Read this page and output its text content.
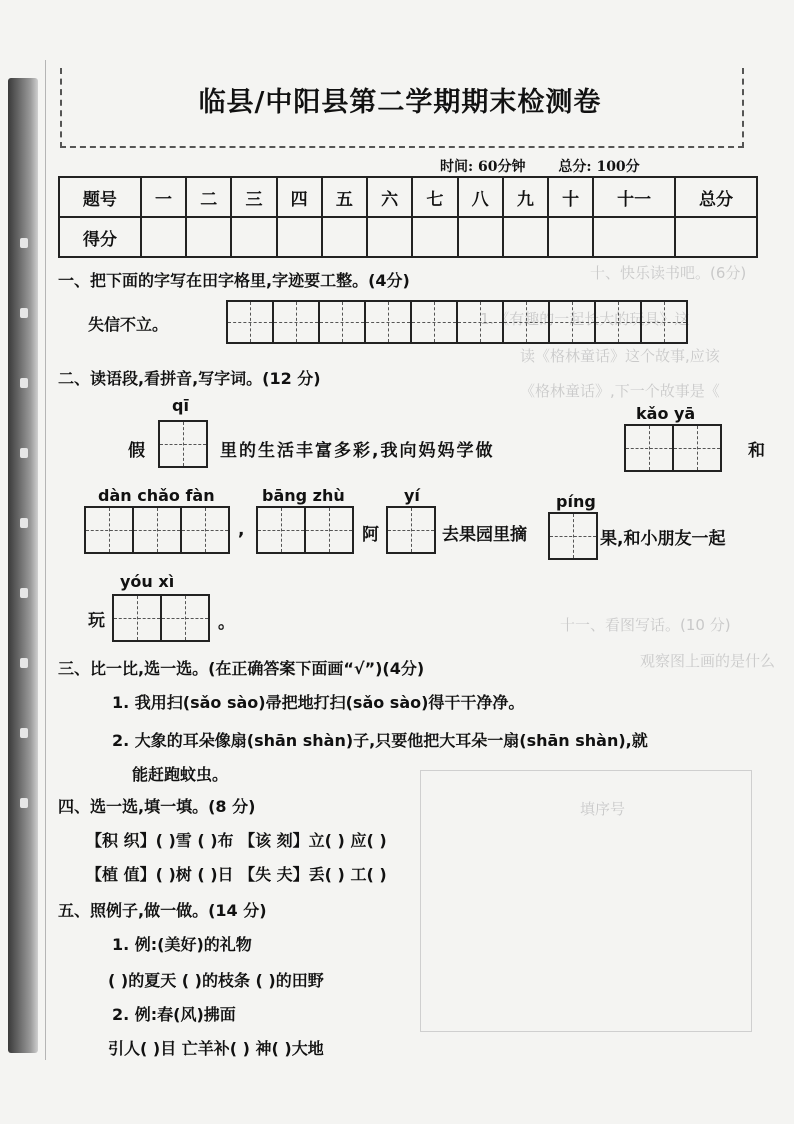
十、快乐读书吧。(6分)
1.《有趣的一起长大的玩具》这
读《格林童话》这个故事,应该
《格林童话》,下一个故事是《
填序号
十一、看图写话。(10 分)
观察图上画的是什么
临县/中阳县第二学期期末检测卷
时间: 60分钟 总分: 100分
题号	一	二	三	四	五	六	七	八	九	十	十一	总分
得分												
一、把下面的字写在田字格里,字迹要工整。(4分)
失信不立。
二、读语段,看拼音,写字词。(12 分)
qī
假	里的生活丰富多彩,我向妈妈学做
kǎo yā
和
dàn chǎo fàn
,
bāng zhù
阿
yí
去果园里摘
píng
果,和小朋友一起
yóu xì
玩	。
三、比一比,选一选。(在正确答案下面画“√”)(4分)
1. 我用扫(sǎo sào)帚把地打扫(sǎo sào)得干干净净。
2. 大象的耳朵像扇(shān shàn)子,只要他把大耳朵一扇(shān shàn),就
能赶跑蚊虫。
四、选一选,填一填。(8 分)
【积 织】( )雪 ( )布 【该 刻】立( ) 应( )
【植 值】( )树 ( )日 【失 夫】丢( ) 工( )
五、照例子,做一做。(14 分)
1. 例:(美好)的礼物
( )的夏天 ( )的枝条 ( )的田野
2. 例:春(风)拂面
引人( )目 亡羊补( ) 神( )大地
